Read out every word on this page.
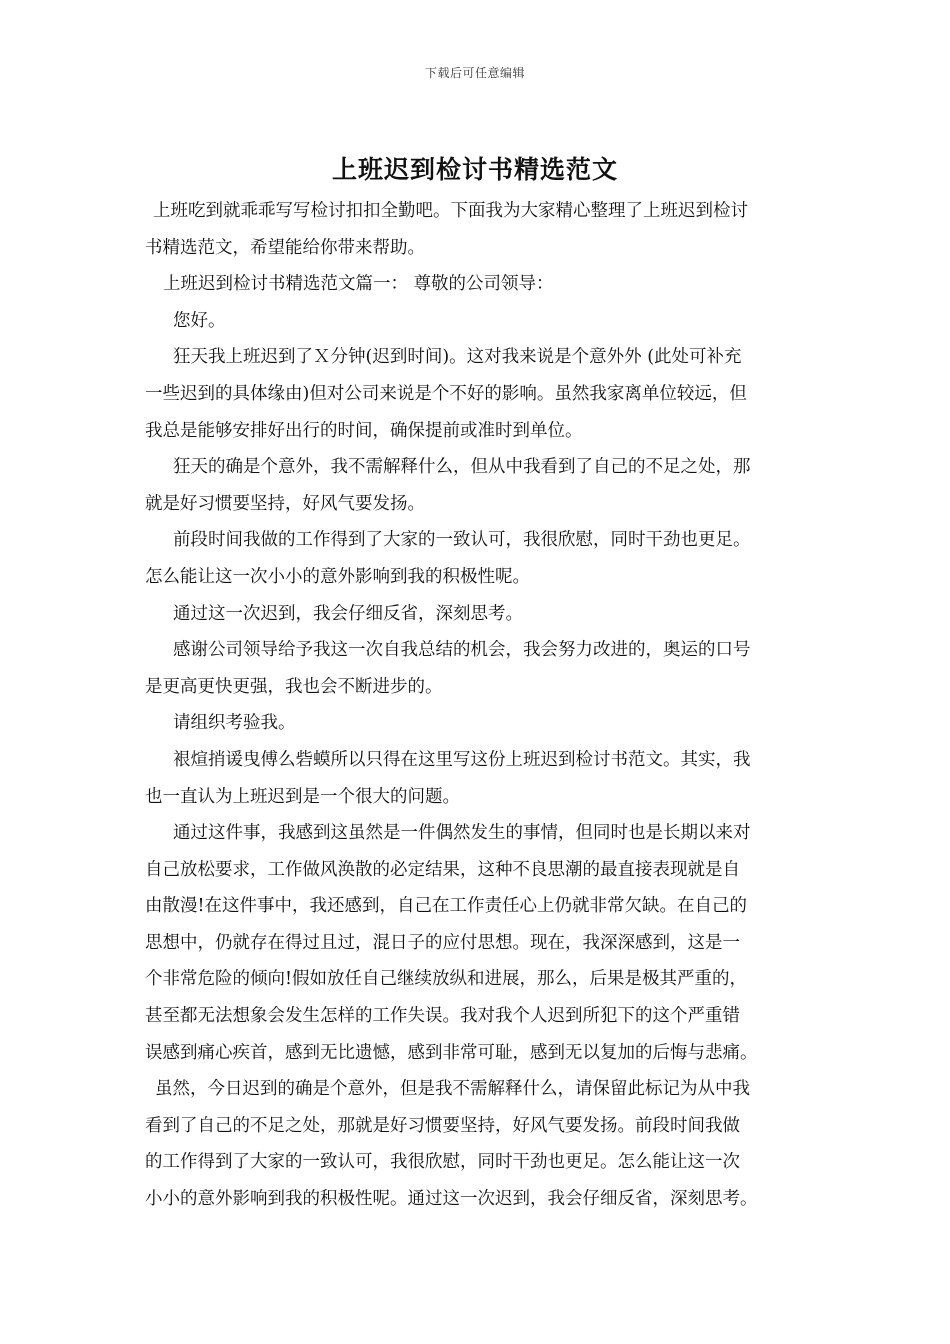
下载后可任意编辑
上班迟到检讨书精选范文
上班吃到就乖乖写写检讨扣扣全勤吧。下面我为大家精心整理了上班迟到检讨
书精选范文，希望能给你带来帮助。
上班迟到检讨书精选范文篇一： 尊敬的公司领导：
您好。
狂天我上班迟到了Ｘ分钟(迟到时间)。这对我来说是个意外外 (此处可补充
一些迟到的具体缘由)但对公司来说是个不好的影响。虽然我家离单位较远，但
我总是能够安排好出行的时间，确保提前或准时到单位。
狂天的确是个意外，我不需解释什么，但从中我看到了自己的不足之处，那
就是好习惯要坚持，好风气要发扬。
前段时间我做的工作得到了大家的一致认可，我很欣慰，同时干劲也更足。
怎么能让这一次小小的意外影响到我的积极性呢。
通过这一次迟到，我会仔细反省，深刻思考。
感谢公司领导给予我这一次自我总结的机会，我会努力改进的，奥运的口号
是更高更快更强，我也会不断进步的。
请组织考验我。
裉煊捎谖曳傅么砦蟆所以只得在这里写这份上班迟到检讨书范文。其实，我
也一直认为上班迟到是一个很大的问题。
通过这件事，我感到这虽然是一件偶然发生的事情，但同时也是长期以来对
自己放松要求，工作做风涣散的必定结果，这种不良思潮的最直接表现就是自
由散漫!在这件事中，我还感到，自己在工作责任心上仍就非常欠缺。在自己的
思想中，仍就存在得过且过，混日子的应付思想。现在，我深深感到，这是一
个非常危险的倾向!假如放任自己继续放纵和进展，那么，后果是极其严重的，
甚至都无法想象会发生怎样的工作失误。我对我个人迟到所犯下的这个严重错
误感到痛心疾首，感到无比遗憾，感到非常可耻，感到无以复加的后悔与悲痛。
虽然，今日迟到的确是个意外，但是我不需解释什么，请保留此标记为从中我
看到了自己的不足之处，那就是好习惯要坚持，好风气要发扬。前段时间我做
的工作得到了大家的一致认可，我很欣慰，同时干劲也更足。怎么能让这一次
小小的意外影响到我的积极性呢。通过这一次迟到，我会仔细反省，深刻思考。
